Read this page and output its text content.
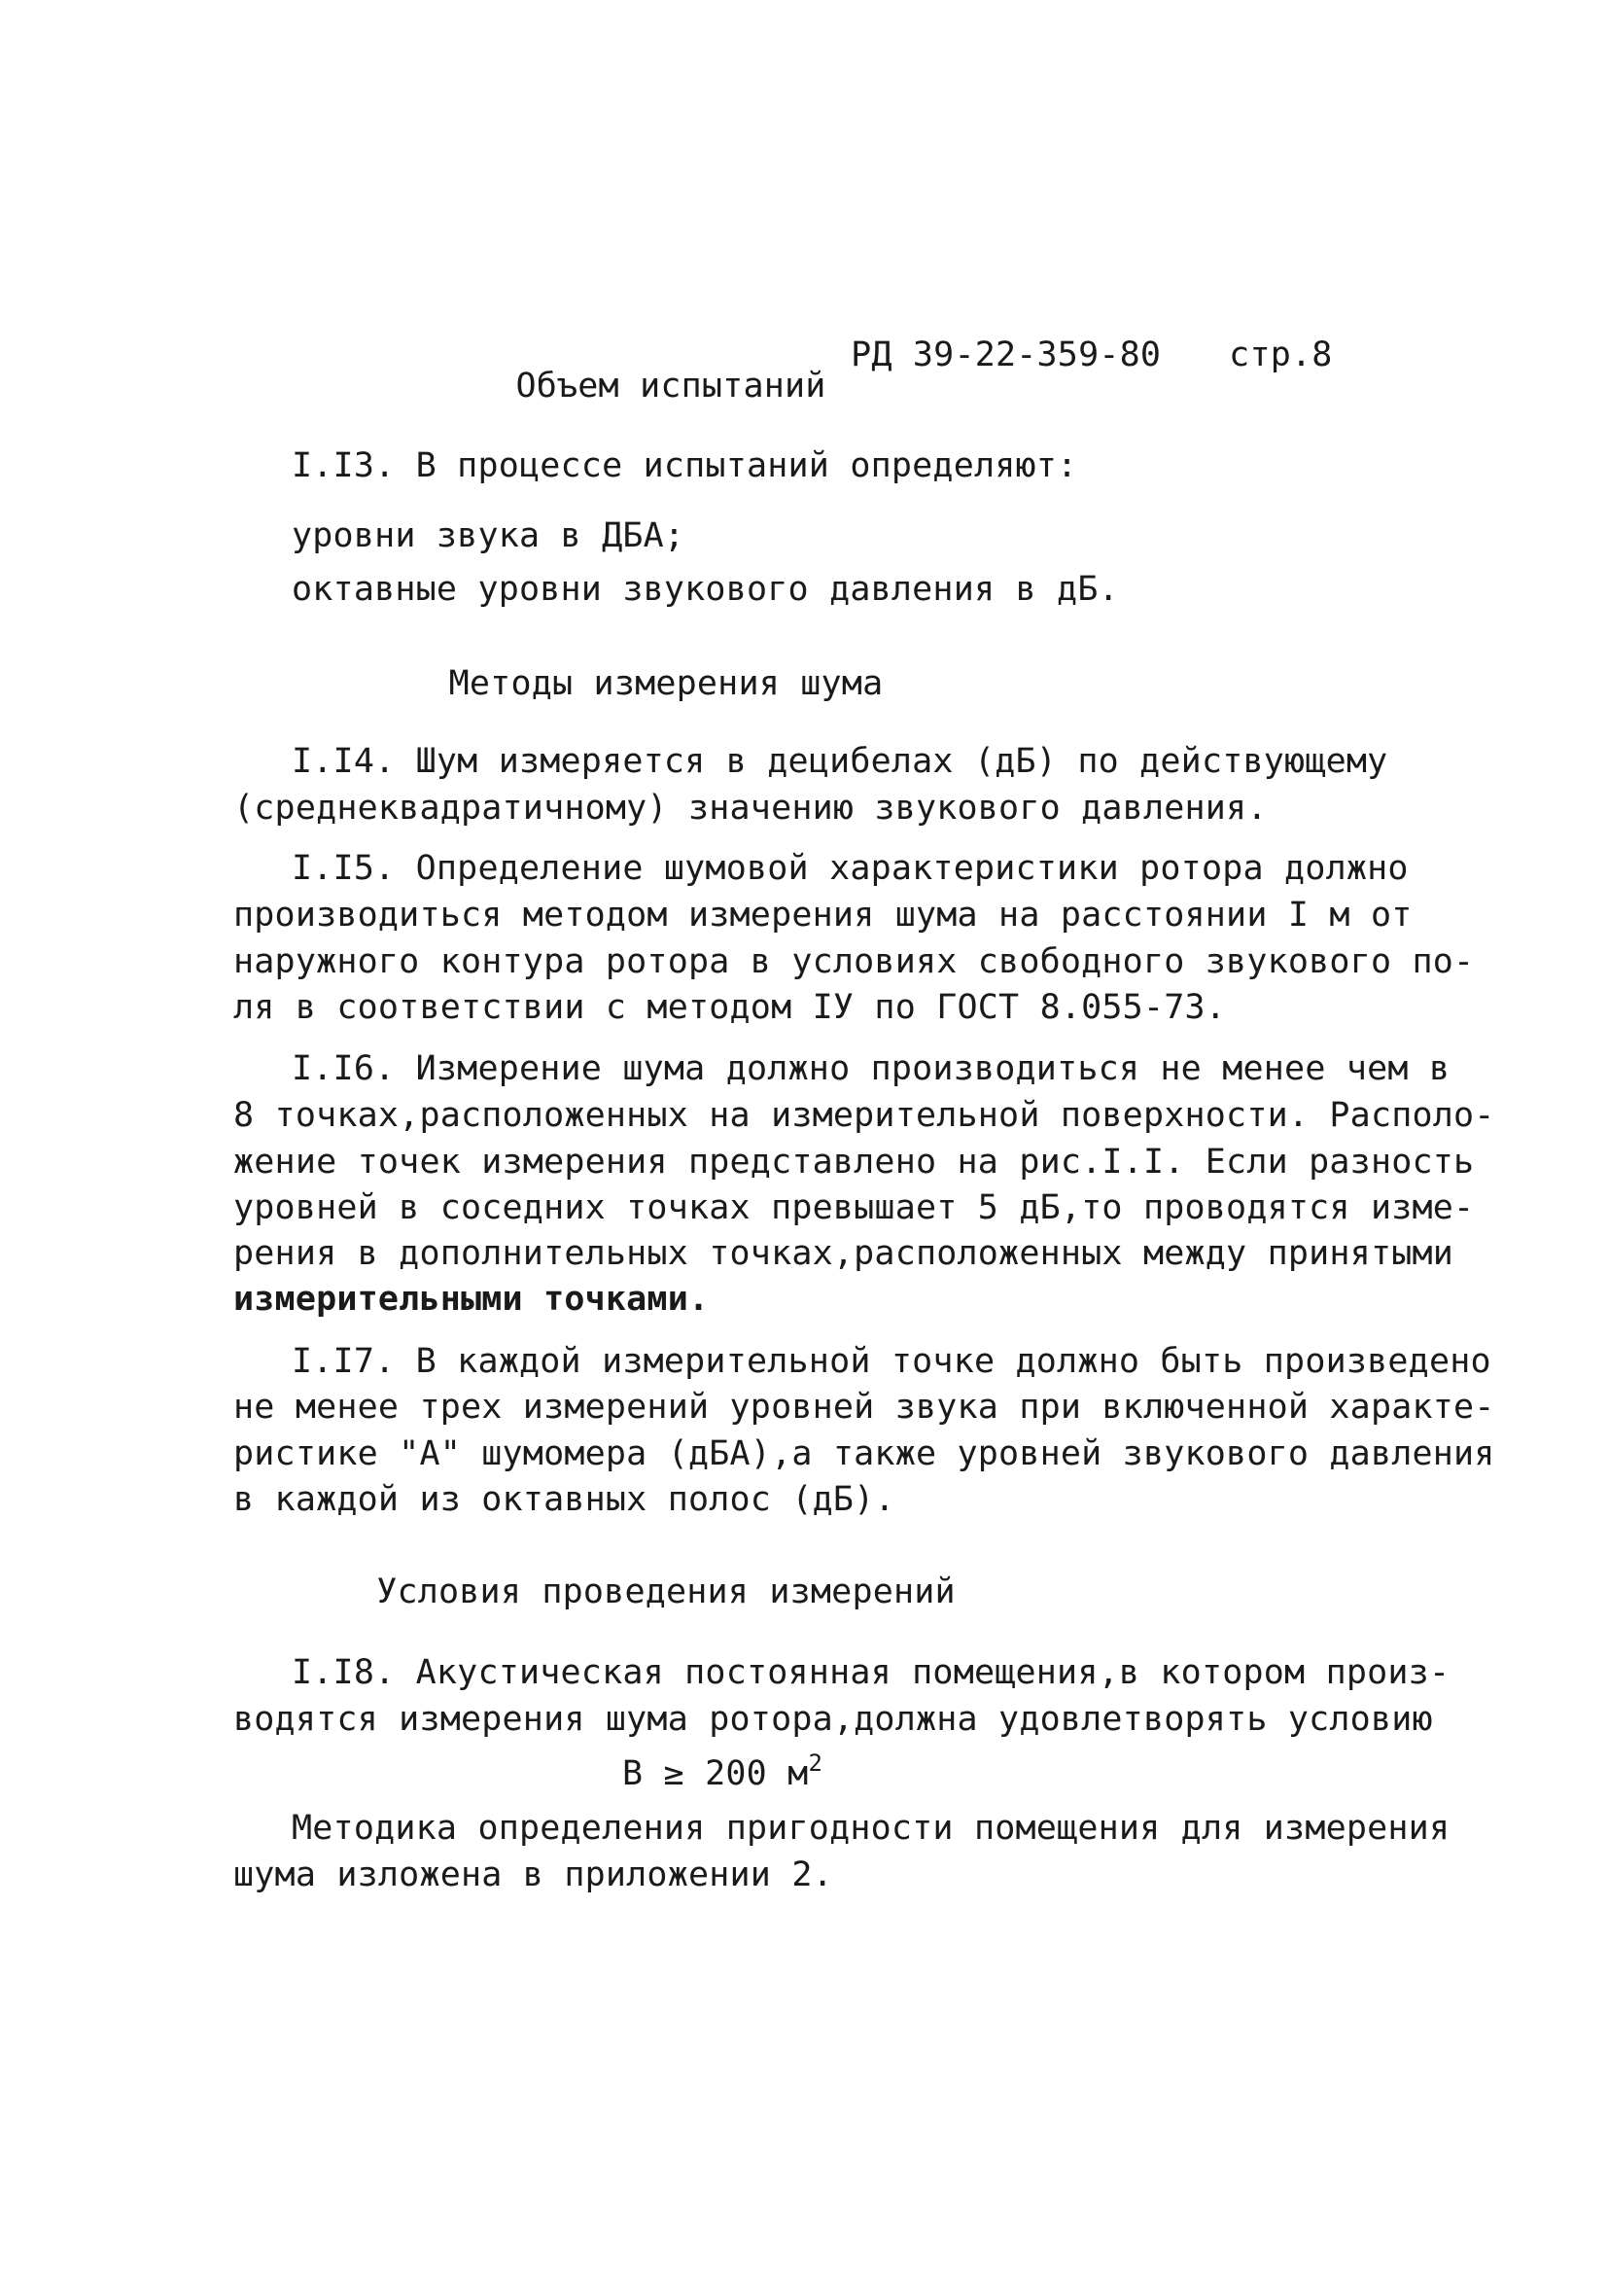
РД 39-22-359-80 стр.8

Объем испытаний
I.I3. В процессе испытаний определяют:
уровни звука в ДБА;
октавные уровни звукового давления в дБ.
Методы измерения шума
I.I4. Шум измеряется в децибелах (дБ) по действующему
(среднеквадратичному) значению звукового давления.
I.I5. Определение шумовой характеристики ротора должно
производиться методом измерения шума на расстоянии I м от
наружного контура ротора в условиях свободного звукового по-
ля в соответствии с методом IУ по ГОСТ 8.055-73.
I.I6. Измерение шума должно производиться не менее чем в
8 точках,расположенных на измерительной поверхности. Располо-
жение точек измерения представлено на рис.I.I. Если разность
уровней в соседних точках превышает 5 дБ,то проводятся изме-
рения в дополнительных точках,расположенных между принятыми
измерительными точками.
I.I7. В каждой измерительной точке должно быть произведено
не менее трех измерений уровней звука при включенной характе-
ристике "А" шумомера (дБА),а также уровней звукового давления
в каждой из октавных полос (дБ).
Условия проведения измерений
I.I8. Акустическая постоянная помещения,в котором произ-
водятся измерения шума ротора,должна удовлетворять условию
В ≥ 200 $м^2$
Методика определения пригодности помещения для измерения
шума изложена в приложении 2.
